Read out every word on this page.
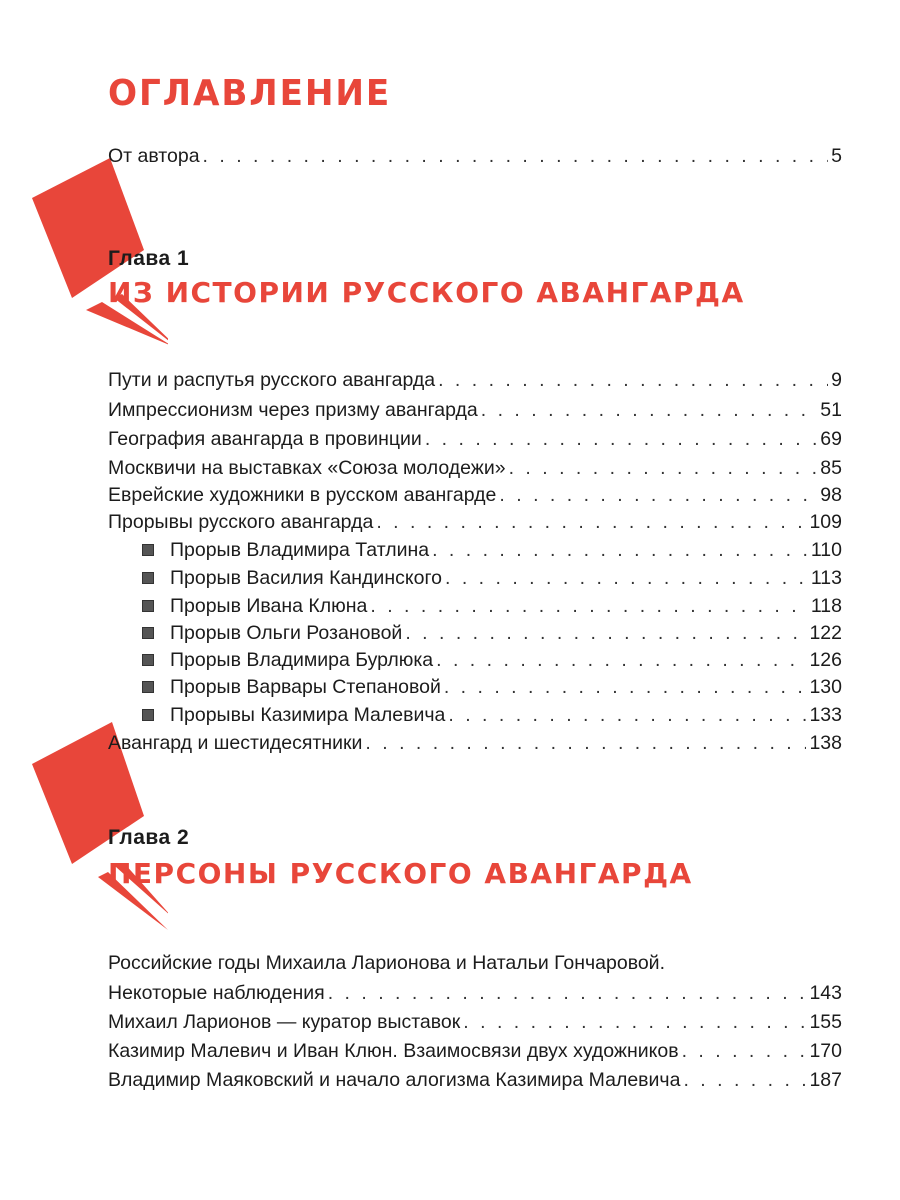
ОГЛАВЛЕНИЕ
От автора . . .	5
Глава 1
ИЗ ИСТОРИИ РУССКОГО АВАНГАРДА
Пути и распутья русского авангарда . . .	9
Импрессионизм через призму авангарда . . .	51
География авангарда в провинции . . .	69
Москвичи на выставках «Союза молодежи» . . .	85
Еврейские художники в русском авангарде . . .	98
Прорывы русского авангарда . . .	109
Прорыв Владимира Татлина . . .	110
Прорыв Василия Кандинского . . .	113
Прорыв Ивана Клюна . . .	118
Прорыв Ольги Розановой . . .	122
Прорыв Владимира Бурлюка . . .	126
Прорыв Варвары Степановой . . .	130
Прорывы Казимира Малевича . . .	133
Авангард и шестидесятники . . .	138
Глава 2
ПЕРСОНЫ РУССКОГО АВАНГАРДА
Российские годы Михаила Ларионова и Натальи Гончаровой.
Некоторые наблюдения . . .	143
Михаил Ларионов — куратор выставок . . .	155
Казимир Малевич и Иван Клюн. Взаимосвязи двух художников . . .	170
Владимир Маяковский и начало алогизма Казимира Малевича . . .	187
